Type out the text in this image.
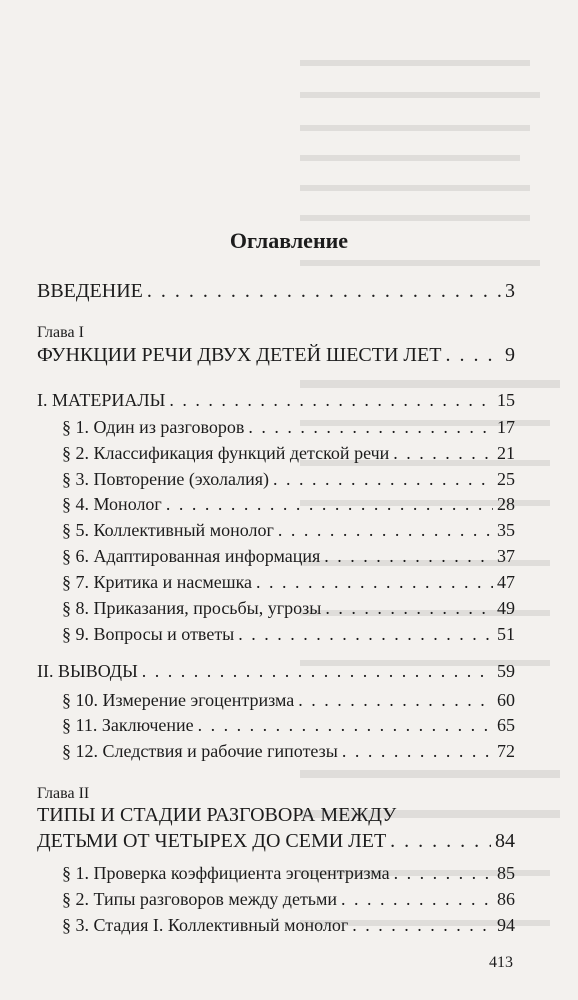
Оглавление
ВВЕДЕНИЕ . . .	3
Глава I
ФУНКЦИИ РЕЧИ ДВУХ ДЕТЕЙ ШЕСТИ ЛЕТ . . .	9
I. МАТЕРИАЛЫ . . .	15
§ 1. Один из разговоров . . .	17
§ 2. Классификация функций детской речи . . .	21
§ 3. Повторение (эхолалия) . . .	25
§ 4. Монолог . . .	28
§ 5. Коллективный монолог . . .	35
§ 6. Адаптированная информация . . .	37
§ 7. Критика и насмешка . . .	47
§ 8. Приказания, просьбы, угрозы . . .	49
§ 9. Вопросы и ответы . . .	51
II. ВЫВОДЫ . . .	59
§ 10. Измерение эгоцентризма . . .	60
§ 11. Заключение . . .	65
§ 12. Следствия и рабочие гипотезы . . .	72
Глава II
ТИПЫ И СТАДИИ РАЗГОВОРА МЕЖДУ
ДЕТЬМИ ОТ ЧЕТЫРЕХ ДО СЕМИ ЛЕТ . . .	84
§ 1. Проверка коэффициента эгоцентризма . . .	85
§ 2. Типы разговоров между детьми . . .	86
§ 3. Стадия I. Коллективный монолог . . .	94
413
